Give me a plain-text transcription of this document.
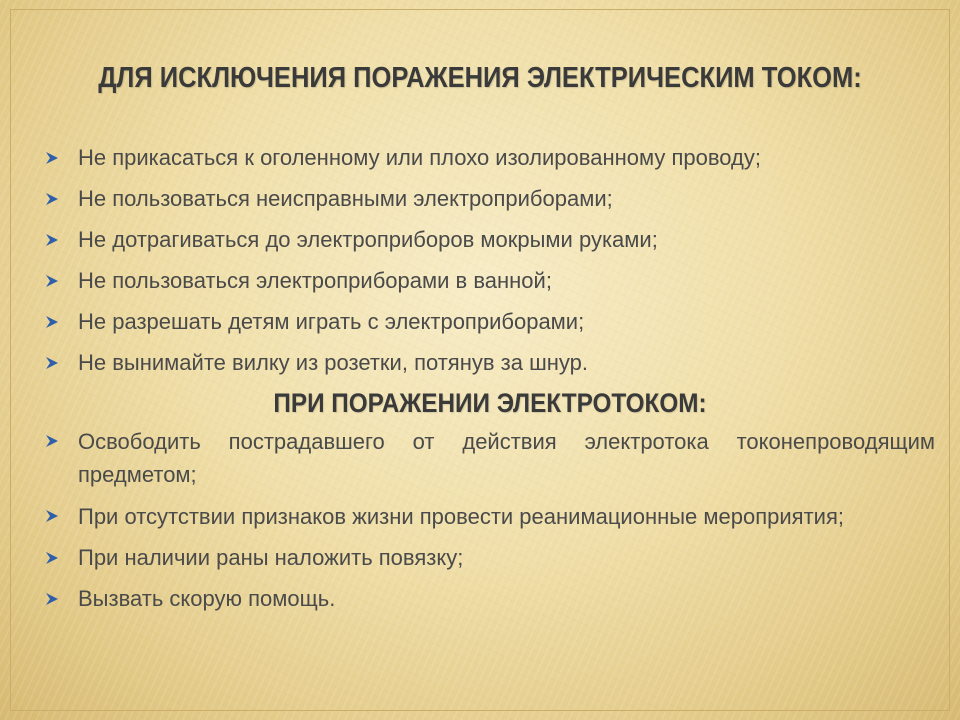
ДЛЯ ИСКЛЮЧЕНИЯ ПОРАЖЕНИЯ ЭЛЕКТРИЧЕСКИМ ТОКОМ:
Не прикасаться к оголенному или плохо изолированному проводу;
Не пользоваться неисправными электроприборами;
Не дотрагиваться до электроприборов мокрыми руками;
Не пользоваться электроприборами в ванной;
Не разрешать детям играть с электроприборами;
Не вынимайте вилку из розетки, потянув за шнур.
ПРИ ПОРАЖЕНИИ ЭЛЕКТРОТОКОМ:
Освободить пострадавшего от действия электротока токонепроводящим предметом;
При отсутствии признаков жизни провести реанимационные мероприятия;
При наличии раны наложить повязку;
Вызвать скорую помощь.
